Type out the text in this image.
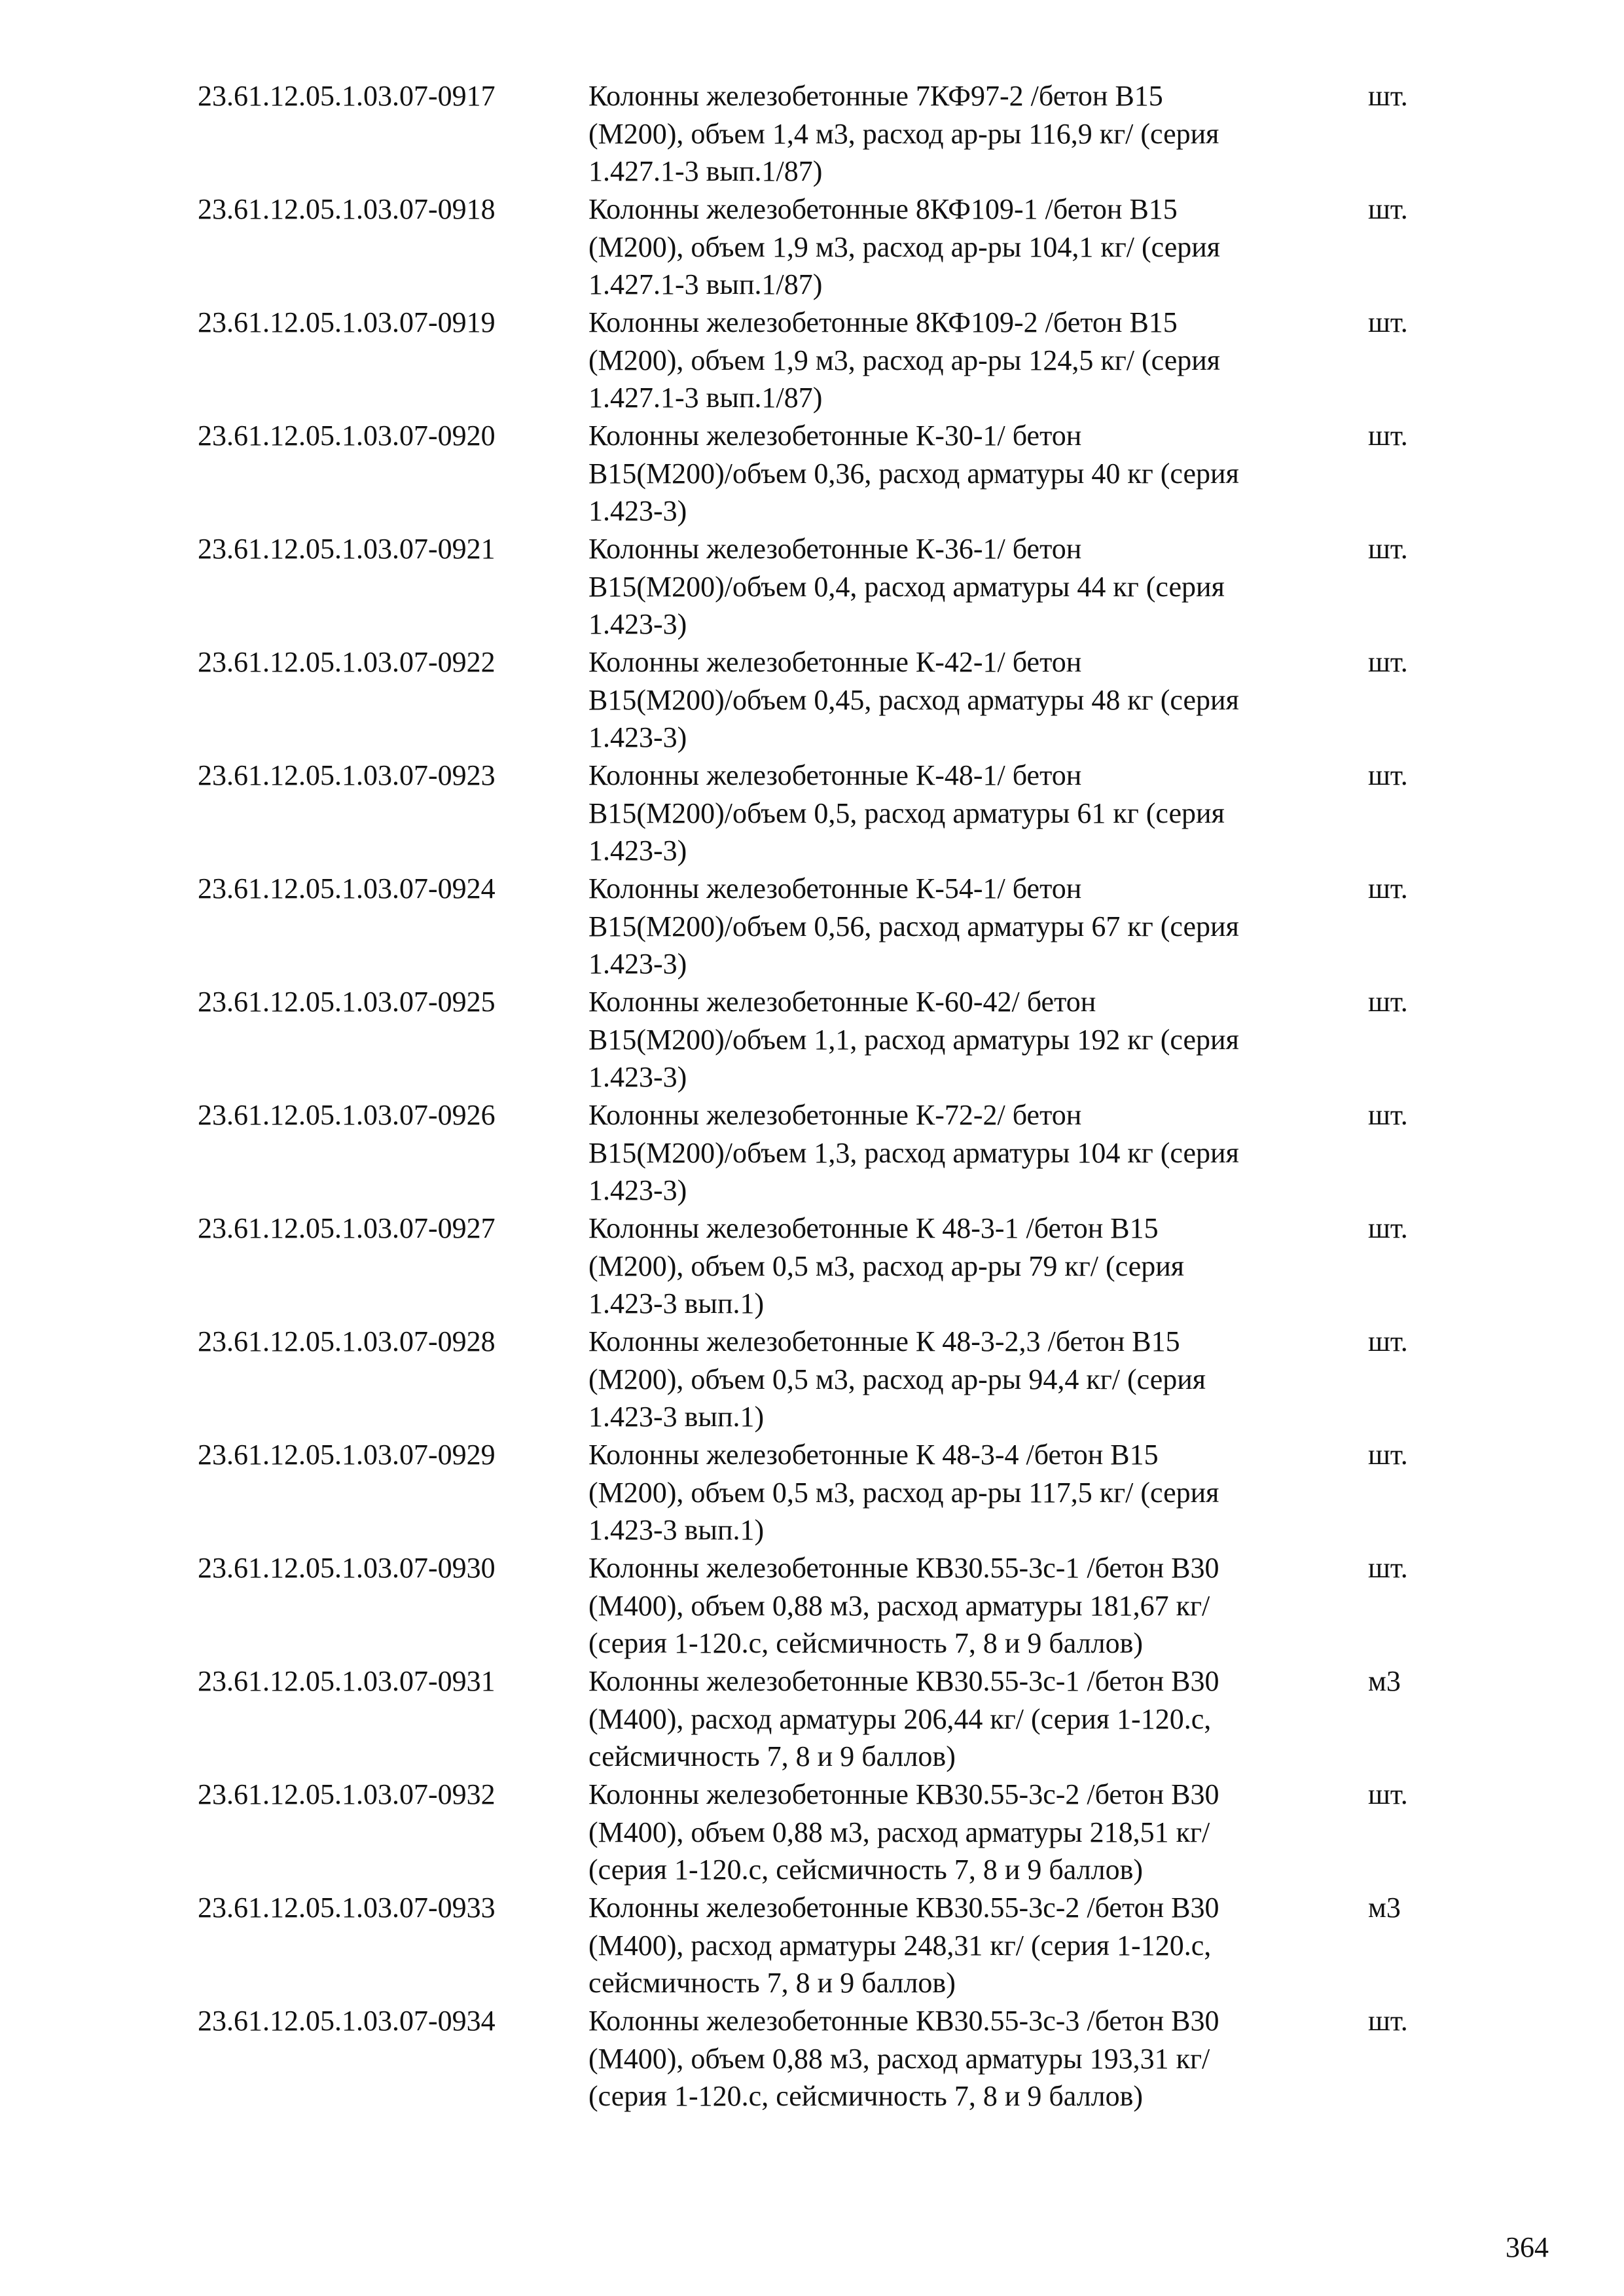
23.61.12.05.1.03.07-0917	Колонны железобетонные 7КФ97-2 /бетон В15
(М200), объем 1,4 м3, расход ар-ры 116,9 кг/ (серия
1.427.1-3 вып.1/87)
шт.
23.61.12.05.1.03.07-0918	Колонны железобетонные 8КФ109-1 /бетон В15
(М200), объем 1,9 м3, расход ар-ры 104,1 кг/ (серия
1.427.1-3 вып.1/87)
шт.
23.61.12.05.1.03.07-0919	Колонны железобетонные 8КФ109-2 /бетон В15
(М200), объем 1,9 м3, расход ар-ры 124,5 кг/ (серия
1.427.1-3 вып.1/87)
шт.
23.61.12.05.1.03.07-0920	Колонны железобетонные К-30-1/ бетон
В15(М200)/объем 0,36, расход арматуры 40 кг (серия
1.423-3)
шт.
23.61.12.05.1.03.07-0921	Колонны железобетонные К-36-1/ бетон
В15(М200)/объем 0,4, расход арматуры 44 кг (серия
1.423-3)
шт.
23.61.12.05.1.03.07-0922	Колонны железобетонные К-42-1/ бетон
В15(М200)/объем 0,45, расход арматуры 48 кг (серия
1.423-3)
шт.
23.61.12.05.1.03.07-0923	Колонны железобетонные К-48-1/ бетон
В15(М200)/объем 0,5, расход арматуры 61 кг (серия
1.423-3)
шт.
23.61.12.05.1.03.07-0924	Колонны железобетонные К-54-1/ бетон
В15(М200)/объем 0,56, расход арматуры 67 кг (серия
1.423-3)
шт.
23.61.12.05.1.03.07-0925	Колонны железобетонные К-60-42/ бетон
В15(М200)/объем 1,1, расход арматуры 192 кг (серия
1.423-3)
шт.
23.61.12.05.1.03.07-0926	Колонны железобетонные К-72-2/ бетон
В15(М200)/объем 1,3, расход арматуры 104 кг (серия
1.423-3)
шт.
23.61.12.05.1.03.07-0927	Колонны железобетонные К 48-3-1 /бетон В15
(М200), объем 0,5 м3, расход ар-ры 79 кг/ (серия
1.423-3 вып.1)
шт.
23.61.12.05.1.03.07-0928	Колонны железобетонные К 48-3-2,3 /бетон В15
(М200), объем 0,5 м3, расход ар-ры 94,4 кг/ (серия
1.423-3 вып.1)
шт.
23.61.12.05.1.03.07-0929	Колонны железобетонные К 48-3-4 /бетон В15
(М200), объем 0,5 м3, расход ар-ры 117,5 кг/ (серия
1.423-3 вып.1)
шт.
23.61.12.05.1.03.07-0930	Колонны железобетонные КВ30.55-3с-1 /бетон В30
(М400), объем 0,88 м3, расход арматуры 181,67 кг/
(серия 1-120.с, сейсмичность 7, 8 и 9 баллов)
шт.
23.61.12.05.1.03.07-0931	Колонны железобетонные КВ30.55-3с-1 /бетон В30
(М400), расход арматуры 206,44 кг/ (серия 1-120.с,
сейсмичность 7, 8 и 9 баллов)
м3
23.61.12.05.1.03.07-0932	Колонны железобетонные КВ30.55-3с-2 /бетон В30
(М400), объем 0,88 м3, расход арматуры 218,51 кг/
(серия 1-120.с, сейсмичность 7, 8 и 9 баллов)
шт.
23.61.12.05.1.03.07-0933	Колонны железобетонные КВ30.55-3с-2 /бетон В30
(М400), расход арматуры 248,31 кг/ (серия 1-120.с,
сейсмичность 7, 8 и 9 баллов)
м3
23.61.12.05.1.03.07-0934	Колонны железобетонные КВ30.55-3с-3 /бетон В30
(М400), объем 0,88 м3, расход арматуры 193,31 кг/
(серия 1-120.с, сейсмичность 7, 8 и 9 баллов)
шт.
364
